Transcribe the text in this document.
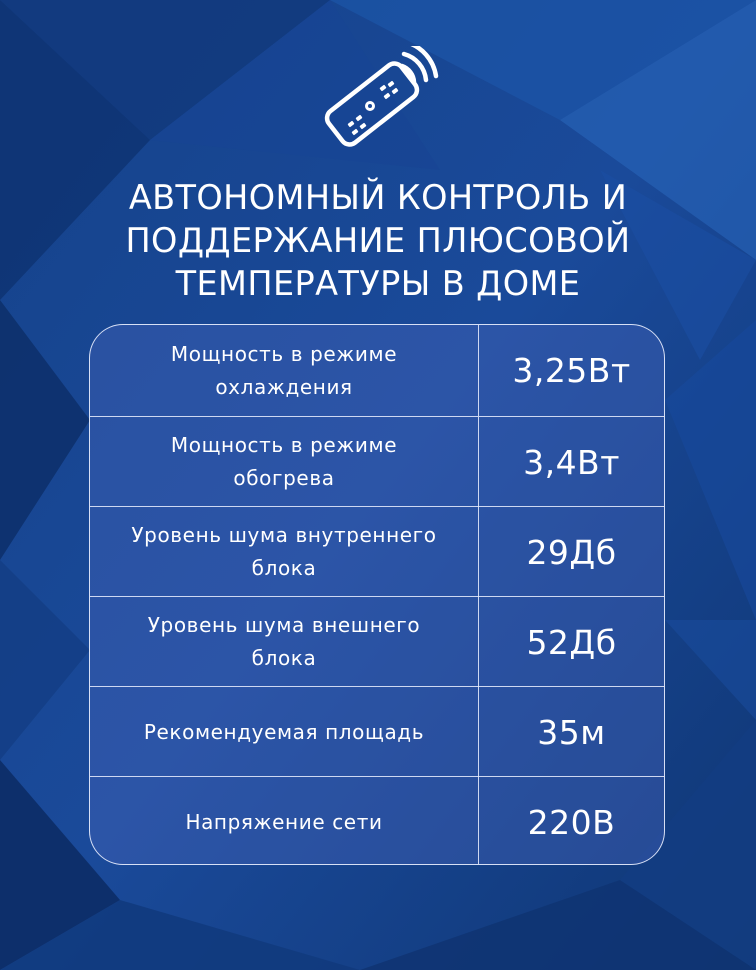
АВТОНОМНЫЙ КОНТРОЛЬ И
ПОДДЕРЖАНИЕ ПЛЮСОВОЙ
ТЕМПЕРАТУРЫ В ДОМЕ
Мощность в режиме охлаждения	3,25Вт
Мощность в режиме обогрева	3,4Вт
Уровень шума внутреннего блока	29Дб
Уровень шума внешнего блока	52Дб
Рекомендуемая площадь	35м
Напряжение сети	220В
